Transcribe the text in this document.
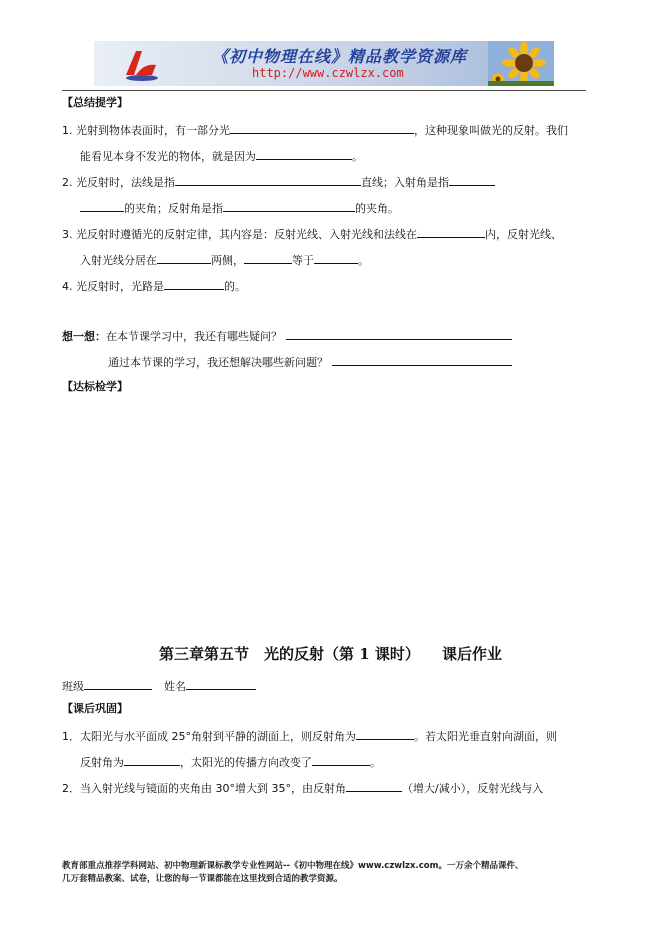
《初中物理在线》精品教学资源库
http://www.czwlzx.com
【总结提学】
1. 光射到物体表面时，有一部分光	，这种现象叫做光的反射。我们
能看见本身不发光的物体，就是因为	。
2. 光反射时，法线是指	直线；入射角是指
的夹角；反射角是指	的夹角。
3. 光反射时遵循光的反射定律，其内容是：反射光线、入射光线和法线在	内，反射光线、
入射光线分居在	两侧，	等于	。
4. 光反射时，光路是	的。
想一想：在本节课学习中，我还有哪些疑问？
通过本节课的学习，我还想解决哪些新问题？
【达标检学】
第三章第五节　光的反射（第 1 课时） 课后作业
班级	姓名
【课后巩固】
1．太阳光与水平面成 25°角射到平静的湖面上，则反射角为	。若太阳光垂直射向湖面，则
反射角为	，太阳光的传播方向改变了	。
2．当入射光线与镜面的夹角由 30°增大到 35°，由反射角	（增大/减小），反射光线与入
教育部重点推荐学科网站、初中物理新课标教学专业性网站--《初中物理在线》www.czwlzx.com。一万余个精品课件、
几万套精品教案、试卷，让您的每一节课都能在这里找到合适的教学资源。
